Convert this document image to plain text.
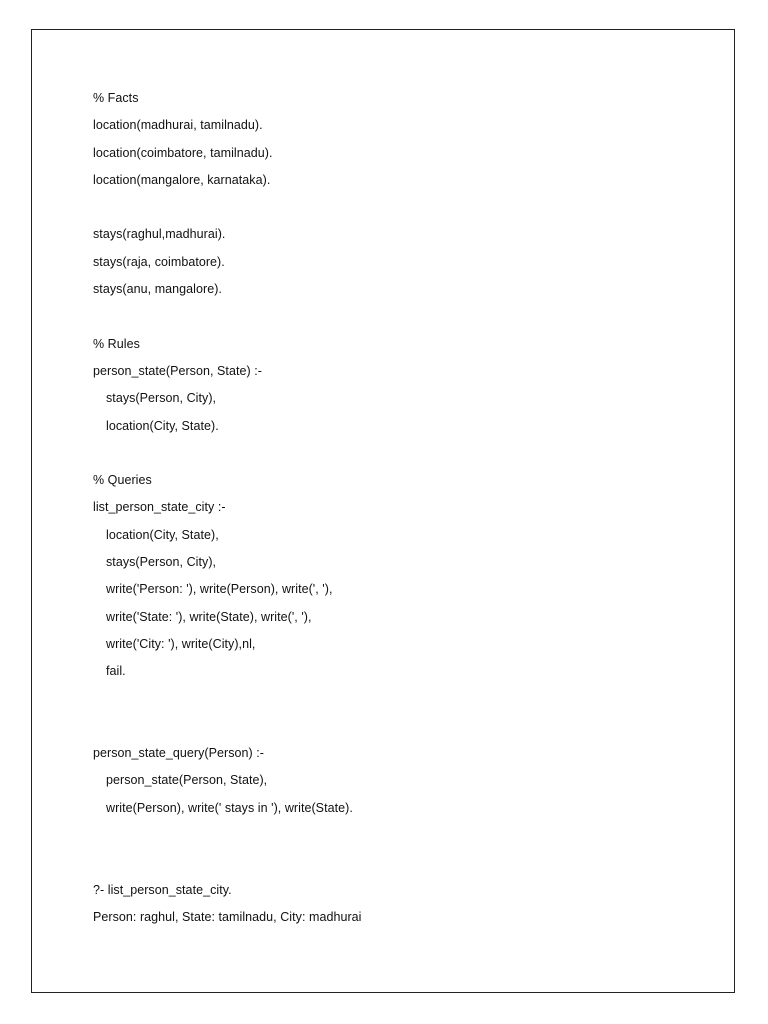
% Facts
location(madhurai, tamilnadu).
location(coimbatore, tamilnadu).
location(mangalore, karnataka).
stays(raghul,madhurai).
stays(raja, coimbatore).
stays(anu, mangalore).
% Rules
person_state(Person, State) :-
stays(Person, City),
location(City, State).
% Queries
list_person_state_city :-
location(City, State),
stays(Person, City),
write('Person: '), write(Person), write(', '),
write('State: '), write(State), write(', '),
write('City: '), write(City),nl,
fail.
person_state_query(Person) :-
person_state(Person, State),
write(Person), write(' stays in '), write(State).
?- list_person_state_city.
Person: raghul, State: tamilnadu, City: madhurai
